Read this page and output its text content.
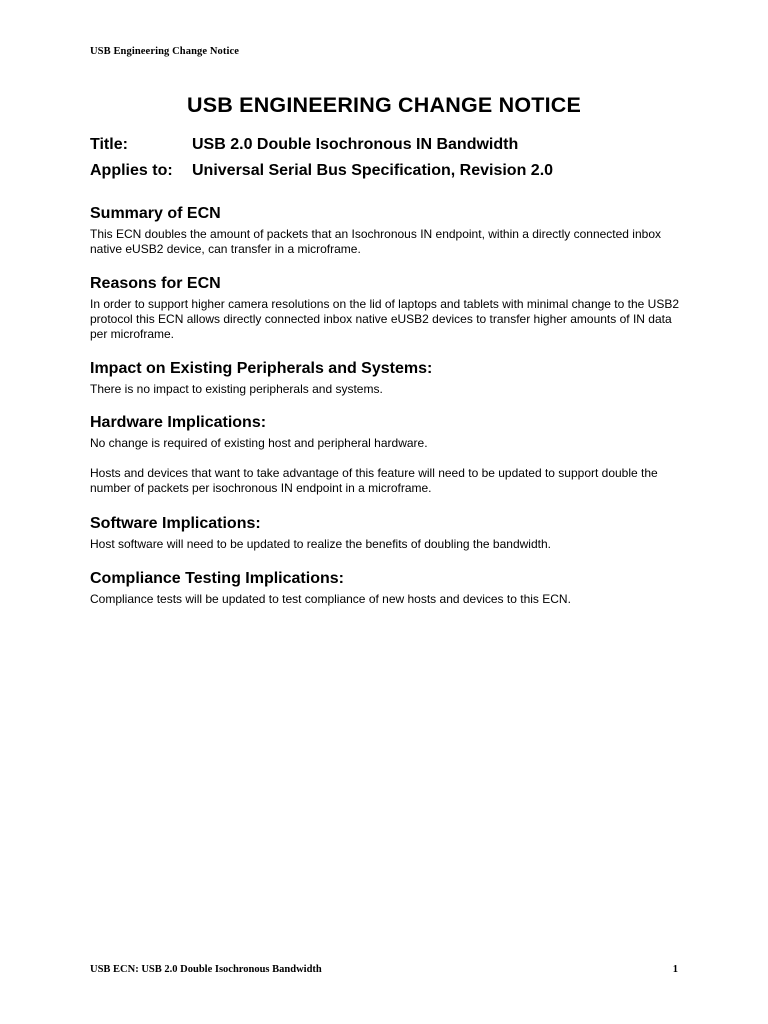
USB Engineering Change Notice
USB ENGINEERING CHANGE NOTICE
Title:	USB 2.0 Double Isochronous IN Bandwidth
Applies to: Universal Serial Bus Specification, Revision 2.0
Summary of ECN

This ECN doubles the amount of packets that an Isochronous IN endpoint, within a directly connected inbox native eUSB2 device, can transfer in a microframe.

Reasons for ECN

In order to support higher camera resolutions on the lid of laptops and tablets with minimal change to the USB2 protocol this ECN allows directly connected inbox native eUSB2 devices to transfer higher amounts of IN data per microframe.

Impact on Existing Peripherals and Systems:

There is no impact to existing peripherals and systems.

Hardware Implications:

No change is required of existing host and peripheral hardware.

Hosts and devices that want to take advantage of this feature will need to be updated to support double the number of packets per isochronous IN endpoint in a microframe.

Software Implications:

Host software will need to be updated to realize the benefits of doubling the bandwidth.

Compliance Testing Implications:

Compliance tests will be updated to test compliance of new hosts and devices to this ECN.

USB ECN: USB 2.0 Double Isochronous Bandwidth	1
